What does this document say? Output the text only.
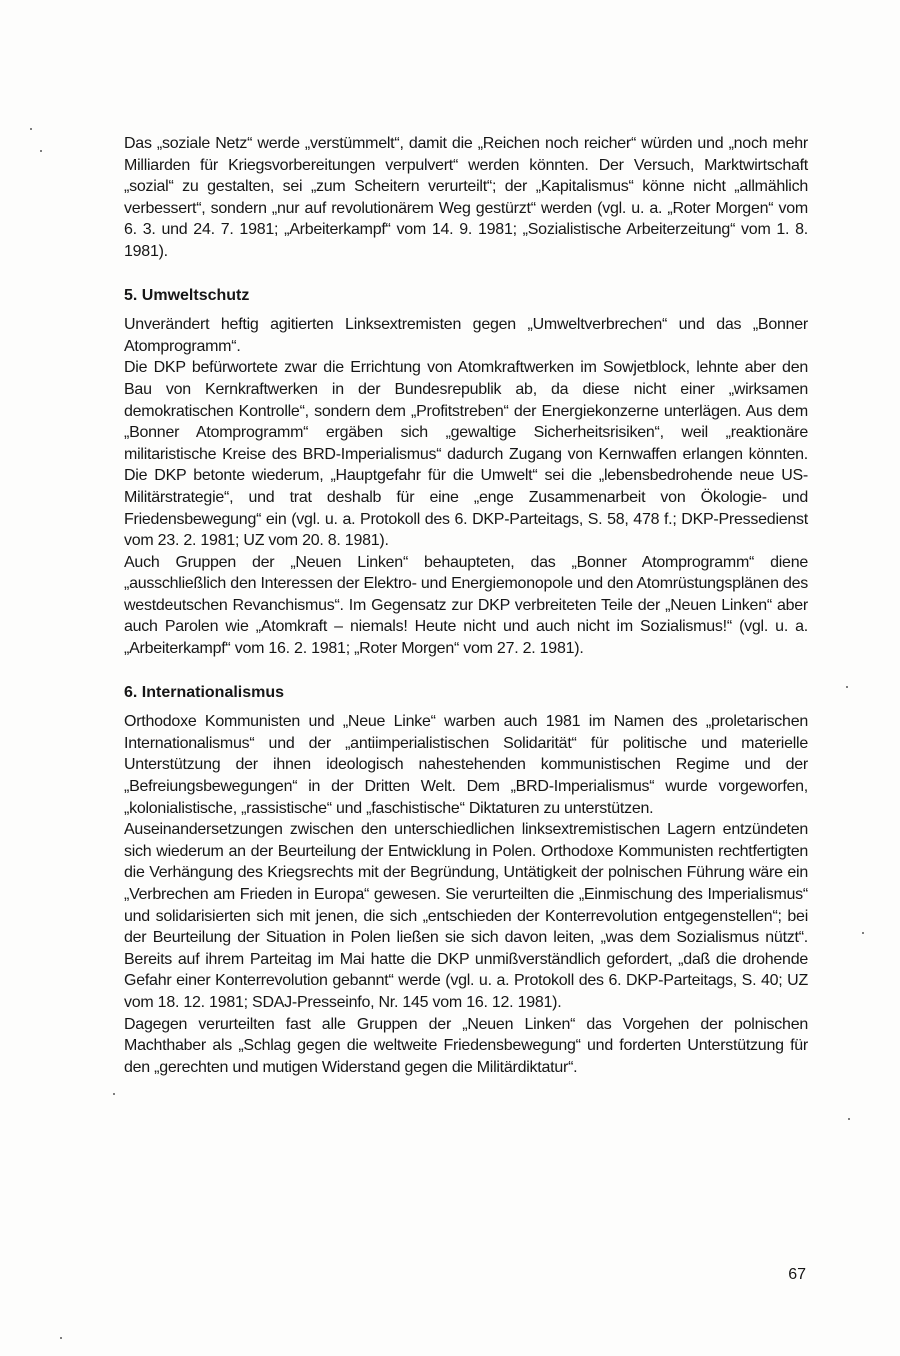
Das „soziale Netz“ werde „verstümmelt“, damit die „Reichen noch reicher“ würden und „noch mehr Milliarden für Kriegsvorbereitungen verpulvert“ werden könnten. Der Versuch, Marktwirtschaft „sozial“ zu gestalten, sei „zum Scheitern verurteilt“; der „Kapitalismus“ könne nicht „allmählich verbessert“, sondern „nur auf revolutionärem Weg gestürzt“ werden (vgl. u. a. „Roter Morgen“ vom 6. 3. und 24. 7. 1981; „Arbeiterkampf“ vom 14. 9. 1981; „Sozialistische Arbeiterzeitung“ vom 1. 8. 1981).

5. Umweltschutz

Unverändert heftig agitierten Linksextremisten gegen „Umweltverbrechen“ und das „Bonner Atomprogramm“.

Die DKP befürwortete zwar die Errichtung von Atomkraftwerken im Sowjetblock, lehnte aber den Bau von Kernkraftwerken in der Bundesrepublik ab, da diese nicht einer „wirksamen demokratischen Kontrolle“, sondern dem „Profitstreben“ der Energiekonzerne unterlägen. Aus dem „Bonner Atomprogramm“ ergäben sich „gewaltige Sicherheitsrisiken“, weil „reaktionäre militaristische Kreise des BRD-Imperialismus“ dadurch Zugang von Kernwaffen erlangen könnten. Die DKP betonte wiederum, „Hauptgefahr für die Umwelt“ sei die „lebensbedrohende neue US-Militärstrategie“, und trat deshalb für eine „enge Zusammenarbeit von Ökologie- und Friedensbewegung“ ein (vgl. u. a. Protokoll des 6. DKP-Parteitags, S. 58, 478 f.; DKP-Pressedienst vom 23. 2. 1981; UZ vom 20. 8. 1981).

Auch Gruppen der „Neuen Linken“ behaupteten, das „Bonner Atomprogramm“ diene „ausschließlich den Interessen der Elektro- und Energiemonopole und den Atomrüstungsplänen des westdeutschen Revanchismus“. Im Gegensatz zur DKP verbreiteten Teile der „Neuen Linken“ aber auch Parolen wie „Atomkraft – niemals! Heute nicht und auch nicht im Sozialismus!“ (vgl. u. a. „Arbeiterkampf“ vom 16. 2. 1981; „Roter Morgen“ vom 27. 2. 1981).

6. Internationalismus

Orthodoxe Kommunisten und „Neue Linke“ warben auch 1981 im Namen des „proletarischen Internationalismus“ und der „antiimperialistischen Solidarität“ für politische und materielle Unterstützung der ihnen ideologisch nahestehenden kommunistischen Regime und der „Befreiungsbewegungen“ in der Dritten Welt. Dem „BRD-Imperialismus“ wurde vorgeworfen, „kolonialistische, „rassistische“ und „faschistische“ Diktaturen zu unterstützen.

Auseinandersetzungen zwischen den unterschiedlichen linksextremistischen Lagern entzündeten sich wiederum an der Beurteilung der Entwicklung in Polen. Orthodoxe Kommunisten rechtfertigten die Verhängung des Kriegsrechts mit der Begründung, Untätigkeit der polnischen Führung wäre ein „Verbrechen am Frieden in Europa“ gewesen. Sie verurteilten die „Einmischung des Imperialismus“ und solidarisierten sich mit jenen, die sich „entschieden der Konterrevolution entgegenstellen“; bei der Beurteilung der Situation in Polen ließen sie sich davon leiten, „was dem Sozialismus nützt“. Bereits auf ihrem Parteitag im Mai hatte die DKP unmißverständlich gefordert, „daß die drohende Gefahr einer Konterrevolution gebannt“ werde (vgl. u. a. Protokoll des 6. DKP-Parteitags, S. 40; UZ vom 18. 12. 1981; SDAJ-Presseinfo, Nr. 145 vom 16. 12. 1981).

Dagegen verurteilten fast alle Gruppen der „Neuen Linken“ das Vorgehen der polnischen Machthaber als „Schlag gegen die weltweite Friedensbewegung“ und forderten Unterstützung für den „gerechten und mutigen Widerstand gegen die Militärdiktatur“.

67
